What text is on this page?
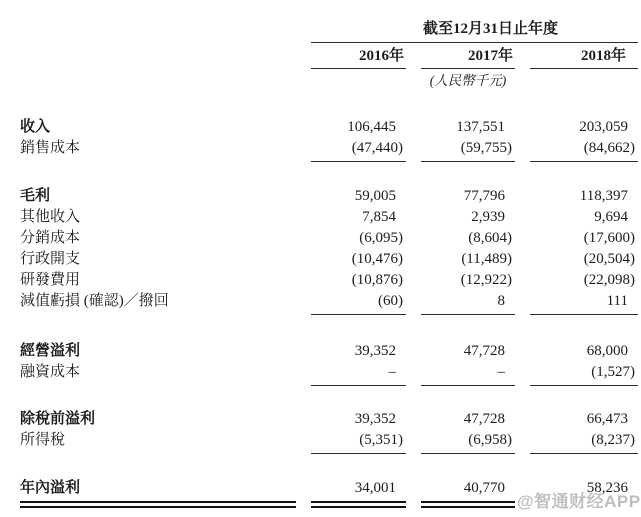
截至12月31日止年度
2016年	2017年	2018年
(人民幣千元)
收入	106,445	137,551	203,059
銷售成本	(47,440)	(59,755)	(84,662)
毛利	59,005	77,796	118,397
其他收入	7,854	2,939	9,694
分銷成本	(6,095)	(8,604)	(17,600)
行政開支	(10,476)	(11,489)	(20,504)
研發費用	(10,876)	(12,922)	(22,098)
減值虧損 (確認)／撥回	(60)	8	111
經營溢利	39,352	47,728	68,000
融資成本	–	–	(1,527)
除稅前溢利	39,352	47,728	66,473
所得稅	(5,351)	(6,958)	(8,237)
年內溢利	34,001	40,770	58,236
@智通财经APP
